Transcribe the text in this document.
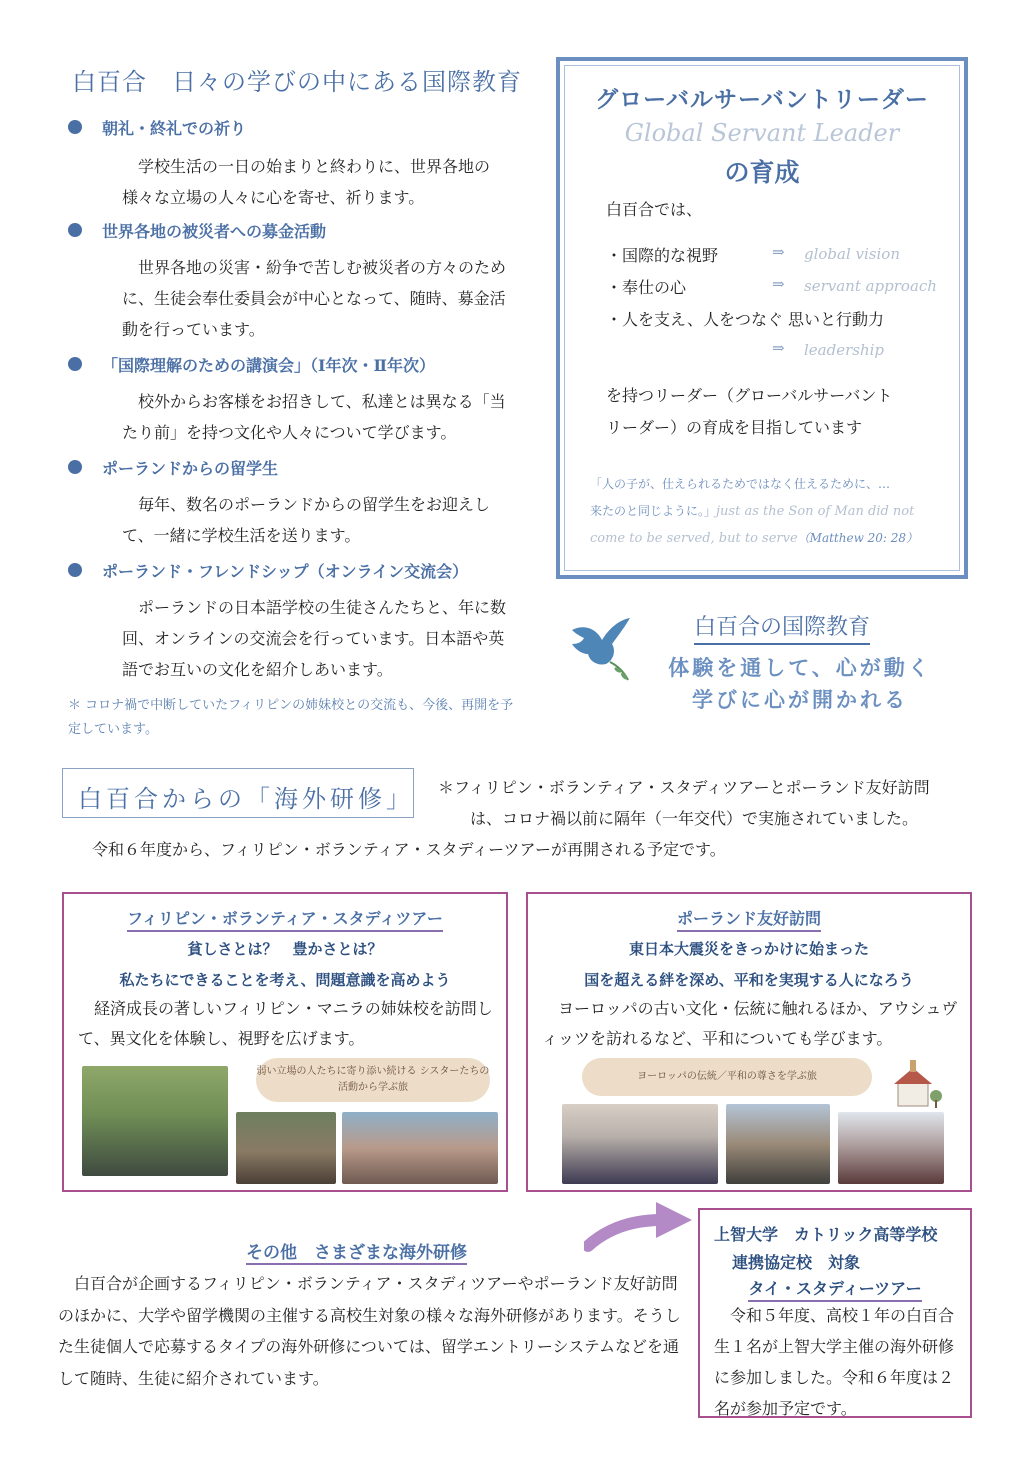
白百合　日々の学びの中にある国際教育
朝礼・終礼での祈り
学校生活の一日の始まりと終わりに、世界各地の様々な立場の人々に心を寄せ、祈ります。
世界各地の被災者への募金活動
世界各地の災害・紛争で苦しむ被災者の方々のために、生徒会奉仕委員会が中心となって、随時、募金活動を行っています。
「国際理解のための講演会」（Ⅰ年次・Ⅱ年次）
校外からお客様をお招きして、私達とは異なる「当たり前」を持つ文化や人々について学びます。
ポーランドからの留学生
毎年、数名のポーランドからの留学生をお迎えして、一緒に学校生活を送ります。
ポーランド・フレンドシップ（オンライン交流会）
ポーランドの日本語学校の生徒さんたちと、年に数回、オンラインの交流会を行っています。日本語や英語でお互いの文化を紹介しあいます。
＊ コロナ禍で中断していたフィリピンの姉妹校との交流も、今後、再開を予定しています。
グローバルサーバントリーダー
Global Servant Leader
の育成
白百合では、
・国際的な視野	⇒ global vision
・奉仕の心	⇒ servant approach
・人を支え、人をつなぐ 思いと行動力
⇒ leadership
を持つリーダー（グローバルサーバント
リーダー）の育成を目指しています
「人の子が、仕えられるためではなく仕えるために、…
来たのと同じように。」just as the Son of Man did not
come to be served, but to serve（Matthew 20: 28）
白百合の国際教育
体験を通して、心が動く
学びに心が開かれる
白百合からの「海外研修」 ＊フィリピン・ボランティア・スタディツアーとポーランド友好訪問
は、コロナ禍以前に隔年（一年交代）で実施されていました。
令和６年度から、フィリピン・ボランティア・スタディーツアーが再開される予定です。
フィリピン・ボランティア・スタディツアー
貧しさとは？　豊かさとは？
私たちにできることを考え、問題意識を高めよう
経済成長の著しいフィリピン・マニラの姉妹校を訪問して、異文化を体験し、視野を広げます。
弱い立場の人たちに寄り添い続ける シスターたちの活動から学ぶ旅
ポーランド友好訪問
東日本大震災をきっかけに始まった
国を超える絆を深め、平和を実現する人になろう
ヨーロッパの古い文化・伝統に触れるほか、アウシュヴィッツを訪れるなど、平和についても学びます。
ヨーロッパの伝統／平和の尊さを学ぶ旅
その他　さまざまな海外研修
白百合が企画するフィリピン・ボランティア・スタディツアーやポーランド友好訪問のほかに、大学や留学機関の主催する高校生対象の様々な海外研修があります。そうした生徒個人で応募するタイプの海外研修については、留学エントリーシステムなどを通して随時、生徒に紹介されています。
上智大学　カトリック高等学校
連携協定校　対象
タイ・スタディーツアー
令和５年度、高校１年の白百合生１名が上智大学主催の海外研修に参加しました。令和６年度は２名が参加予定です。
